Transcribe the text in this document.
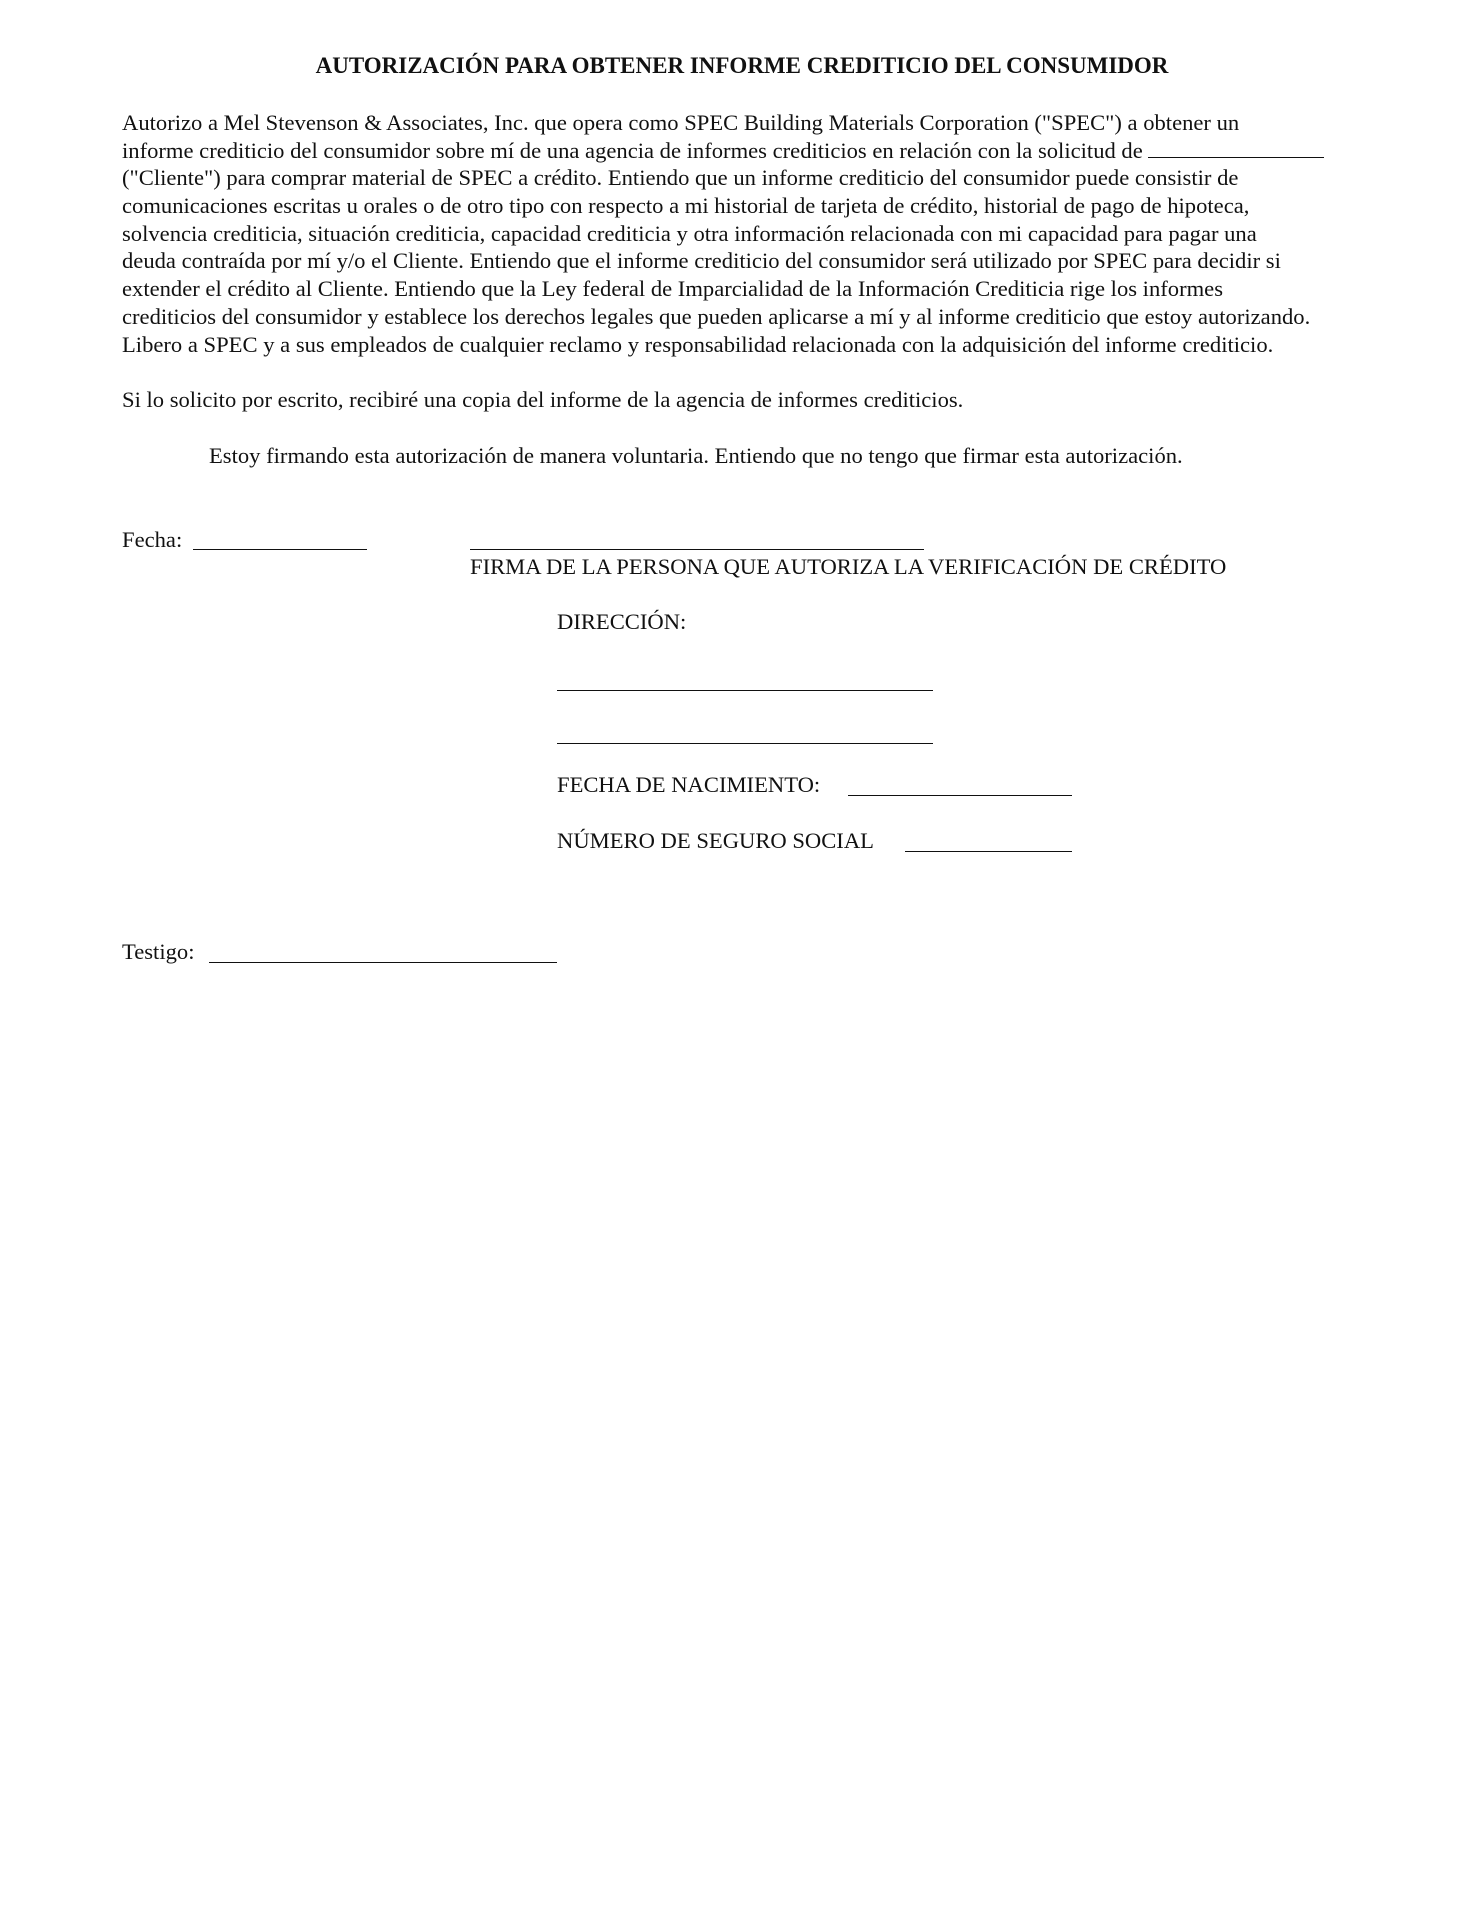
AUTORIZACIÓN PARA OBTENER INFORME CREDITICIO DEL CONSUMIDOR
Autorizo a Mel Stevenson & Associates, Inc. que opera como SPEC Building Materials Corporation ("SPEC") a obtener un
informe crediticio del consumidor sobre mí de una agencia de informes crediticios en relación con la solicitud de
("Cliente") para comprar material de SPEC a crédito. Entiendo que un informe crediticio del consumidor puede consistir de
comunicaciones escritas u orales o de otro tipo con respecto a mi historial de tarjeta de crédito, historial de pago de hipoteca,
solvencia crediticia, situación crediticia, capacidad crediticia y otra información relacionada con mi capacidad para pagar una
deuda contraída por mí y/o el Cliente. Entiendo que el informe crediticio del consumidor será utilizado por SPEC para decidir si
extender el crédito al Cliente. Entiendo que la Ley federal de Imparcialidad de la Información Crediticia rige los informes
crediticios del consumidor y establece los derechos legales que pueden aplicarse a mí y al informe crediticio que estoy autorizando.
Libero a SPEC y a sus empleados de cualquier reclamo y responsabilidad relacionada con la adquisición del informe crediticio.
Si lo solicito por escrito, recibiré una copia del informe de la agencia de informes crediticios.
Estoy firmando esta autorización de manera voluntaria. Entiendo que no tengo que firmar esta autorización.
Fecha:
FIRMA DE LA PERSONA QUE AUTORIZA LA VERIFICACIÓN DE CRÉDITO
DIRECCIÓN:
FECHA DE NACIMIENTO:
NÚMERO DE SEGURO SOCIAL
Testigo:
